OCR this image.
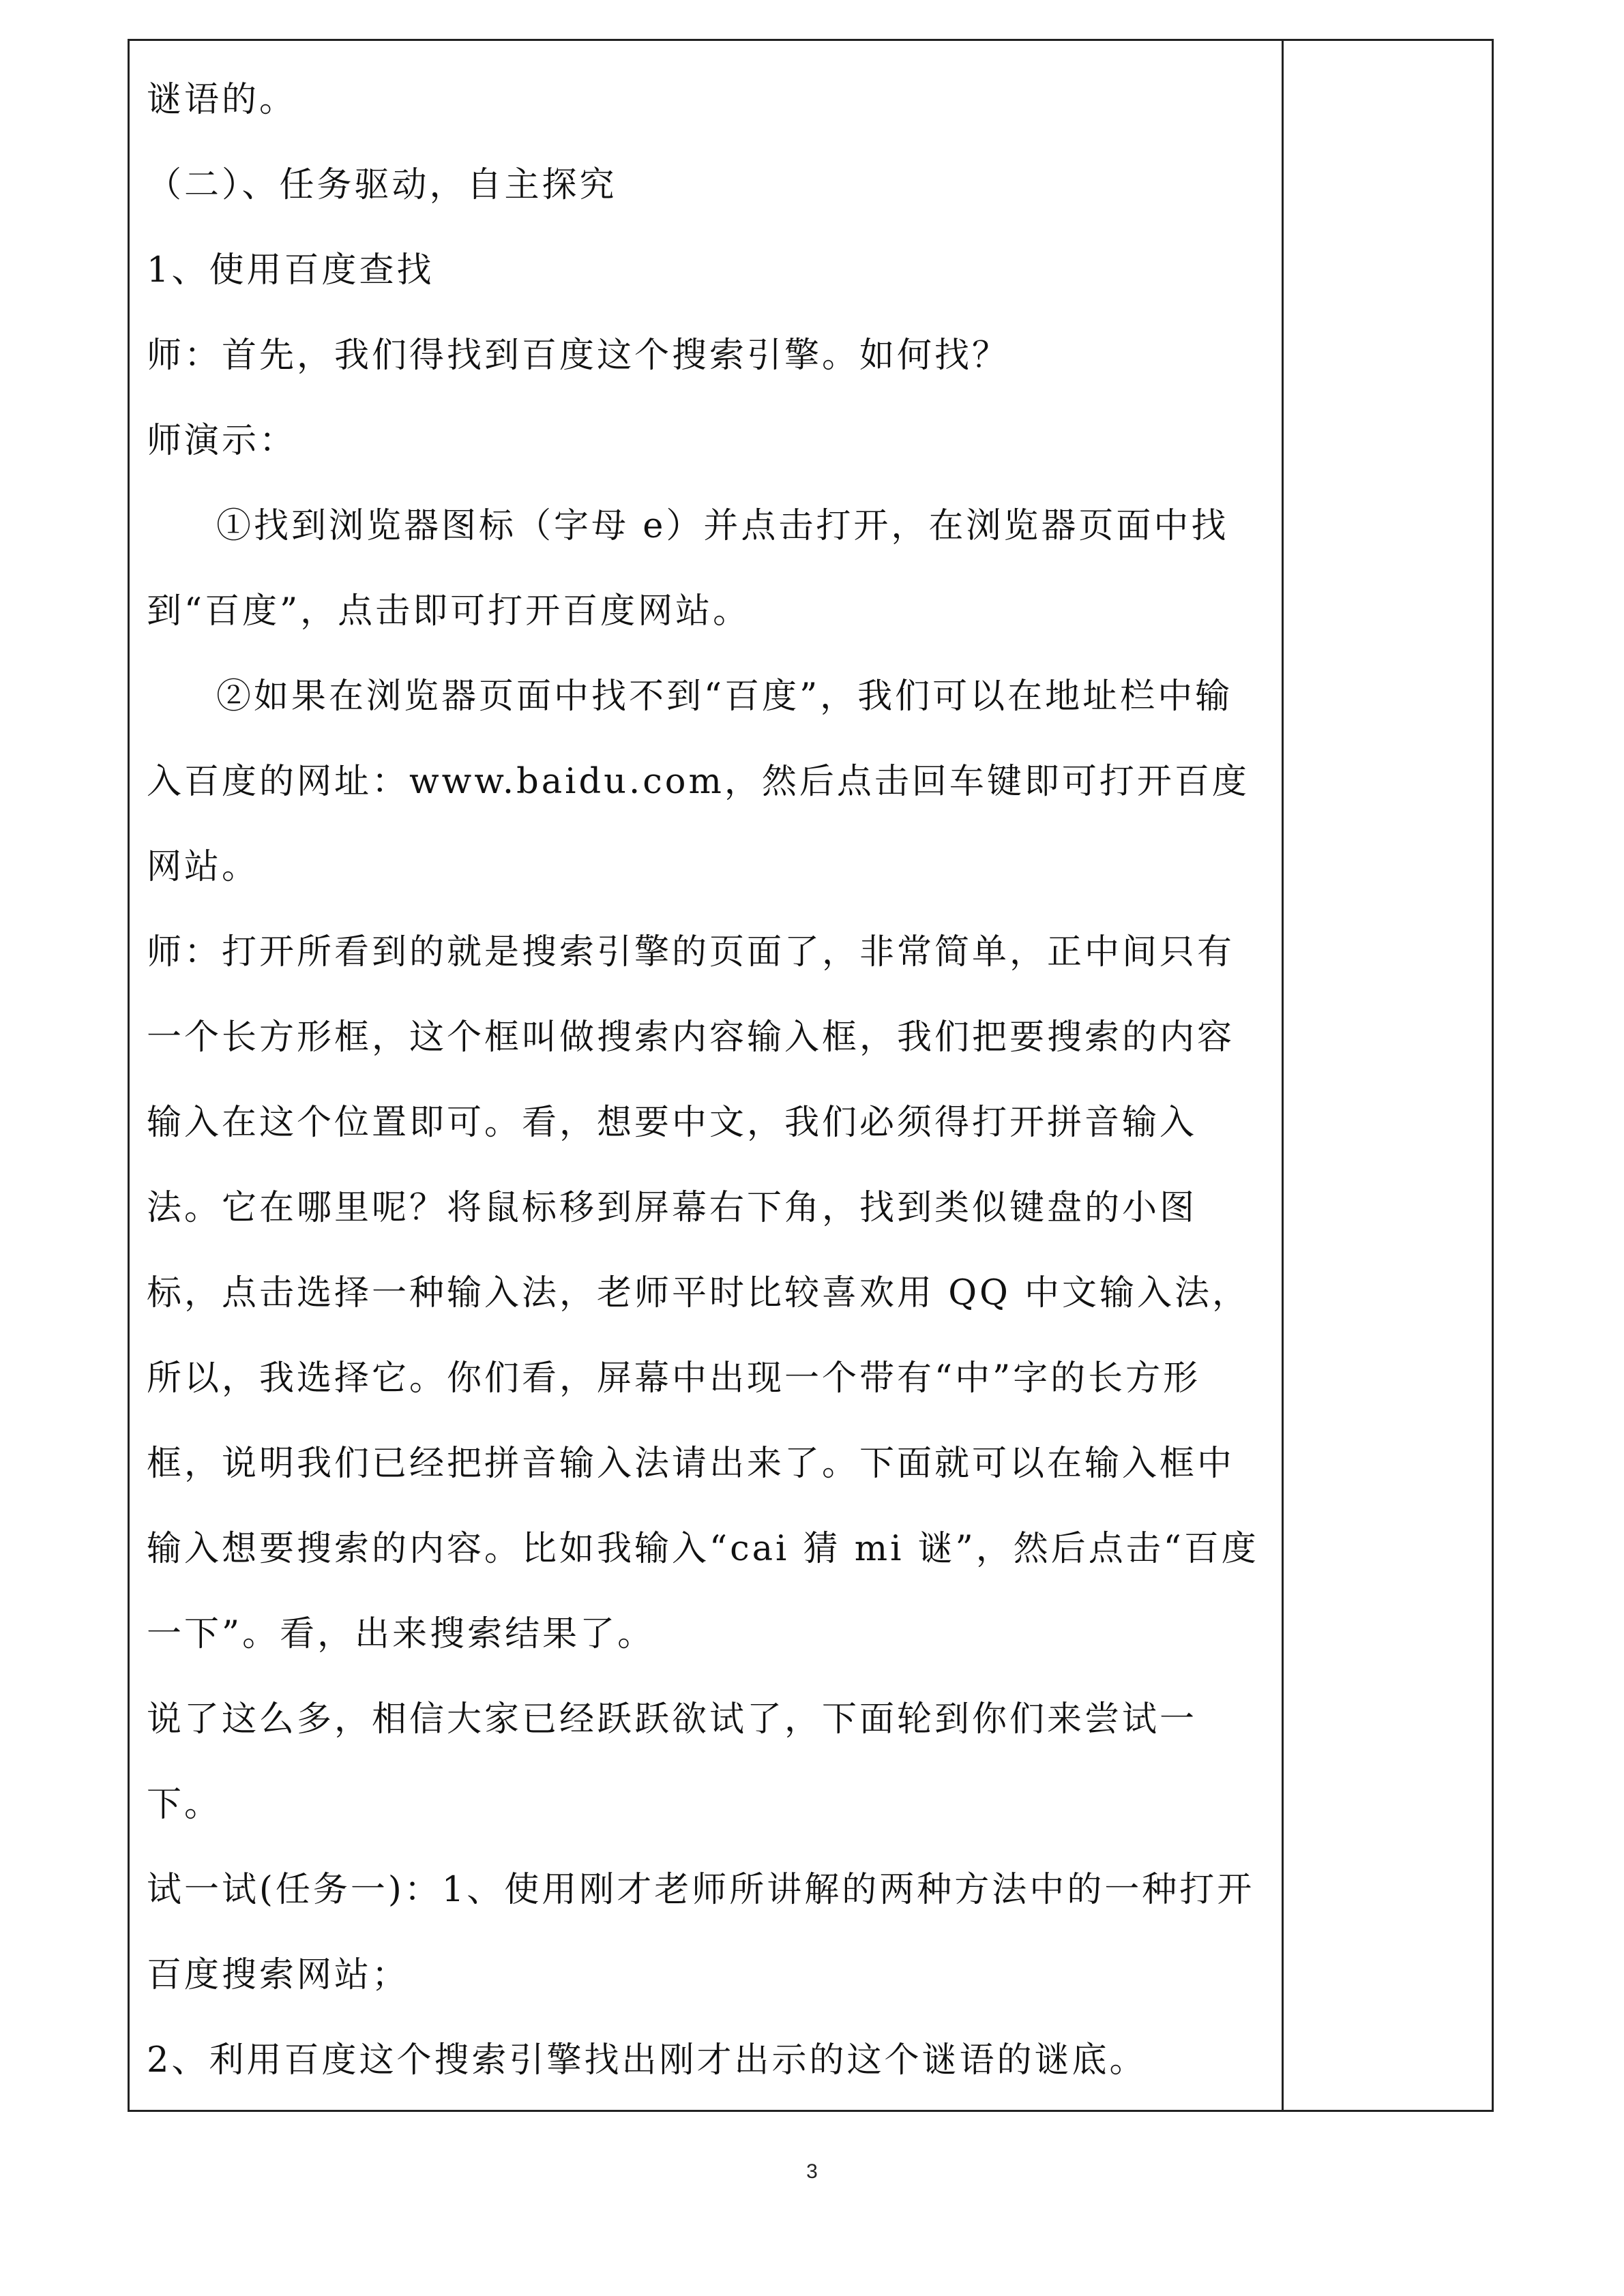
谜语的。

（二）、任务驱动，自主探究

1、使用百度查找

师：首先，我们得找到百度这个搜索引擎。如何找？

师演示：

①找到浏览器图标（字母 e）并点击打开，在浏览器页面中找到“百度”，点击即可打开百度网站。

②如果在浏览器页面中找不到“百度”，我们可以在地址栏中输入百度的网址：www.baidu.com，然后点击回车键即可打开百度网站。

师：打开所看到的就是搜索引擎的页面了，非常简单，正中间只有一个长方形框，这个框叫做搜索内容输入框，我们把要搜索的内容输入在这个位置即可。看，想要中文，我们必须得打开拼音输入法。它在哪里呢？将鼠标移到屏幕右下角，找到类似键盘的小图标，点击选择一种输入法，老师平时比较喜欢用 QQ 中文输入法，所以，我选择它。你们看，屏幕中出现一个带有“中”字的长方形框，说明我们已经把拼音输入法请出来了。下面就可以在输入框中输入想要搜索的内容。比如我输入“cai 猜 mi 谜”，然后点击“百度一下”。看，出来搜索结果了。

说了这么多，相信大家已经跃跃欲试了，下面轮到你们来尝试一下。

试一试(任务一)：1、使用刚才老师所讲解的两种方法中的一种打开百度搜索网站；

2、利用百度这个搜索引擎找出刚才出示的这个谜语的谜底。

3
